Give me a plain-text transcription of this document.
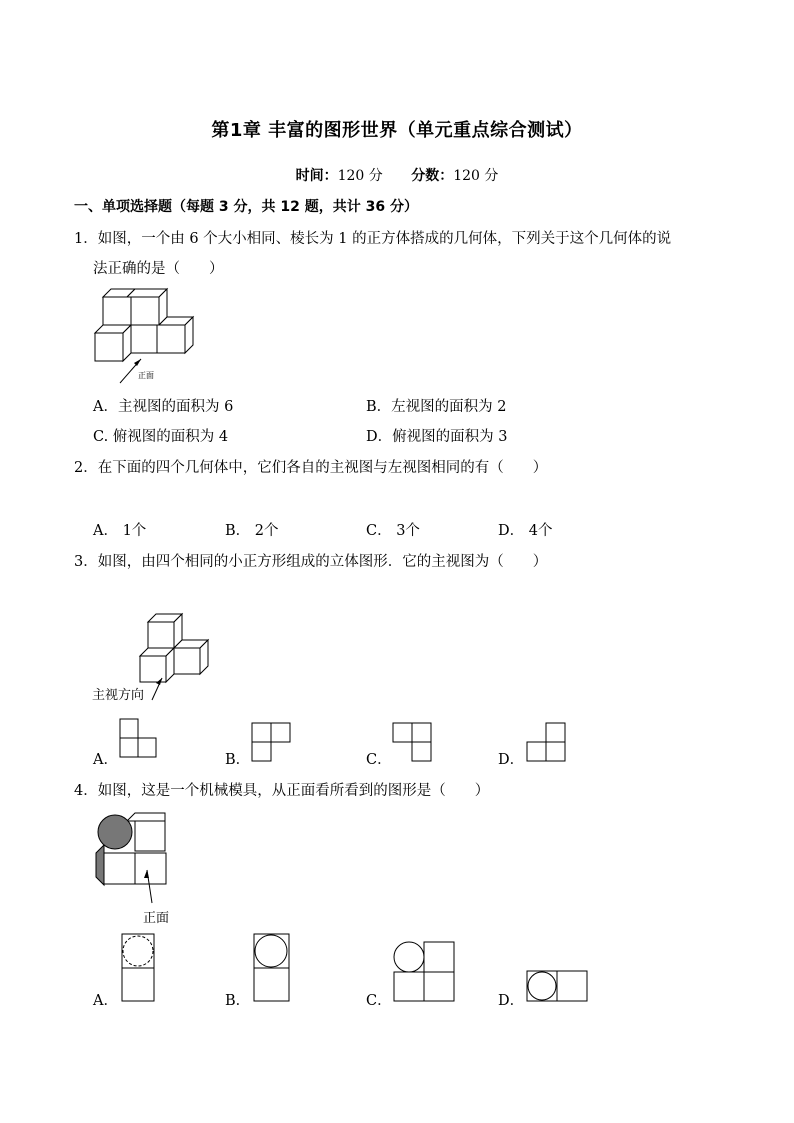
第1章 丰富的图形世界（单元重点综合测试）
时间：120 分 分数：120 分
一、单项选择题（每题 3 分，共 12 题，共计 36 分）
1．如图，一个由 6 个大小相同、棱长为 1 的正方体搭成的几何体，下列关于这个几何体的说
法正确的是（　　）
正面
A．主视图的面积为 6	B．左视图的面积为 2
C. 俯视图的面积为 4	D．俯视图的面积为 3
2．在下面的四个几何体中，它们各自的主视图与左视图相同的有（　　）
A． 1个	B． 2个	C． 3个	D． 4个
3．如图，由四个相同的小正方形组成的立体图形．它的主视图为（　　）
主视方向
A．	B．	C．	D．
4．如图，这是一个机械模具，从正面看所看到的图形是（　　）
正面
A．	B．	C．	D．
